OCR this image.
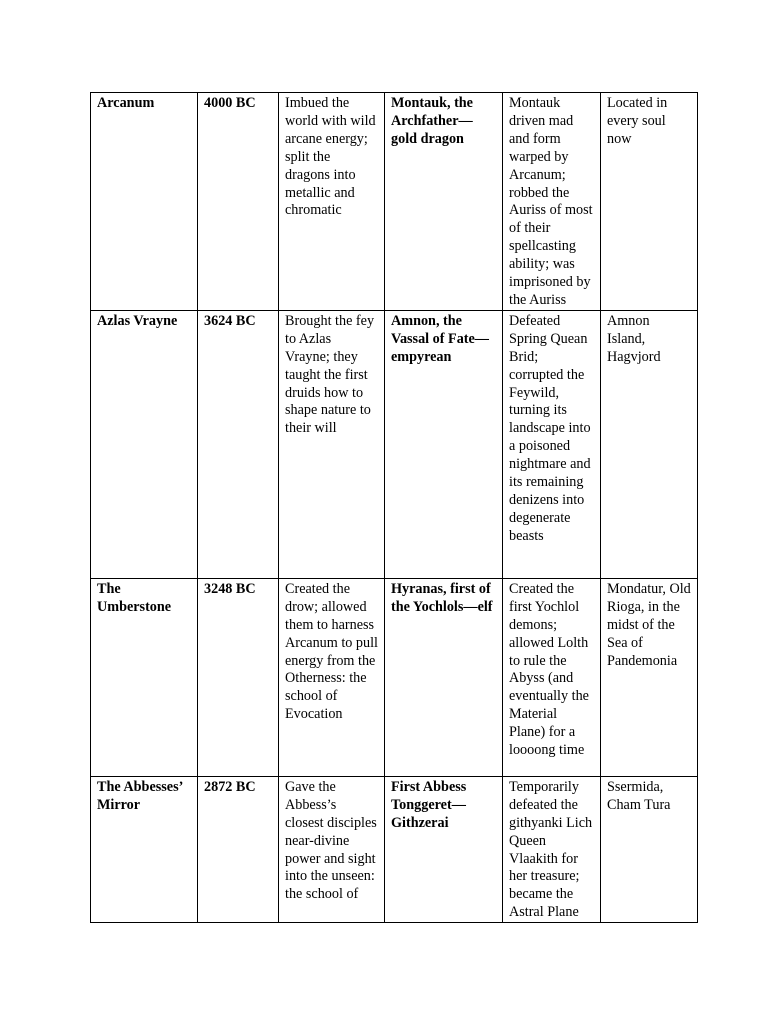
Arcanum	4000 BC	Imbued the world with wild arcane energy; split the dragons into metallic and chromatic	Montauk, the Archfather—gold dragon	Montauk driven mad and form warped by Arcanum; robbed the Auriss of most of their spellcasting ability; was imprisoned by the Auriss	Located in every soul now
Azlas Vrayne	3624 BC	Brought the fey to Azlas Vrayne; they taught the first druids how to shape nature to their will	Amnon, the Vassal of Fate—empyrean	Defeated Spring Quean Brid; corrupted the Feywild, turning its landscape into a poisoned nightmare and its remaining denizens into degenerate beasts	Amnon Island, Hagvjord
The Umberstone	3248 BC	Created the drow; allowed them to harness Arcanum to pull energy from the Otherness: the school of Evocation	Hyranas, first of the Yochlols—elf	Created the first Yochlol demons; allowed Lolth to rule the Abyss (and eventually the Material Plane) for a loooong time	Mondatur, Old Rioga, in the midst of the Sea of Pandemonia
The Abbesses’ Mirror	2872 BC	Gave the Abbess’s closest disciples near-divine power and sight into the unseen: the school of	First Abbess Tonggeret—Githzerai	Temporarily defeated the githyanki Lich Queen Vlaakith for her treasure; became the Astral Plane	Ssermida, Cham Tura
